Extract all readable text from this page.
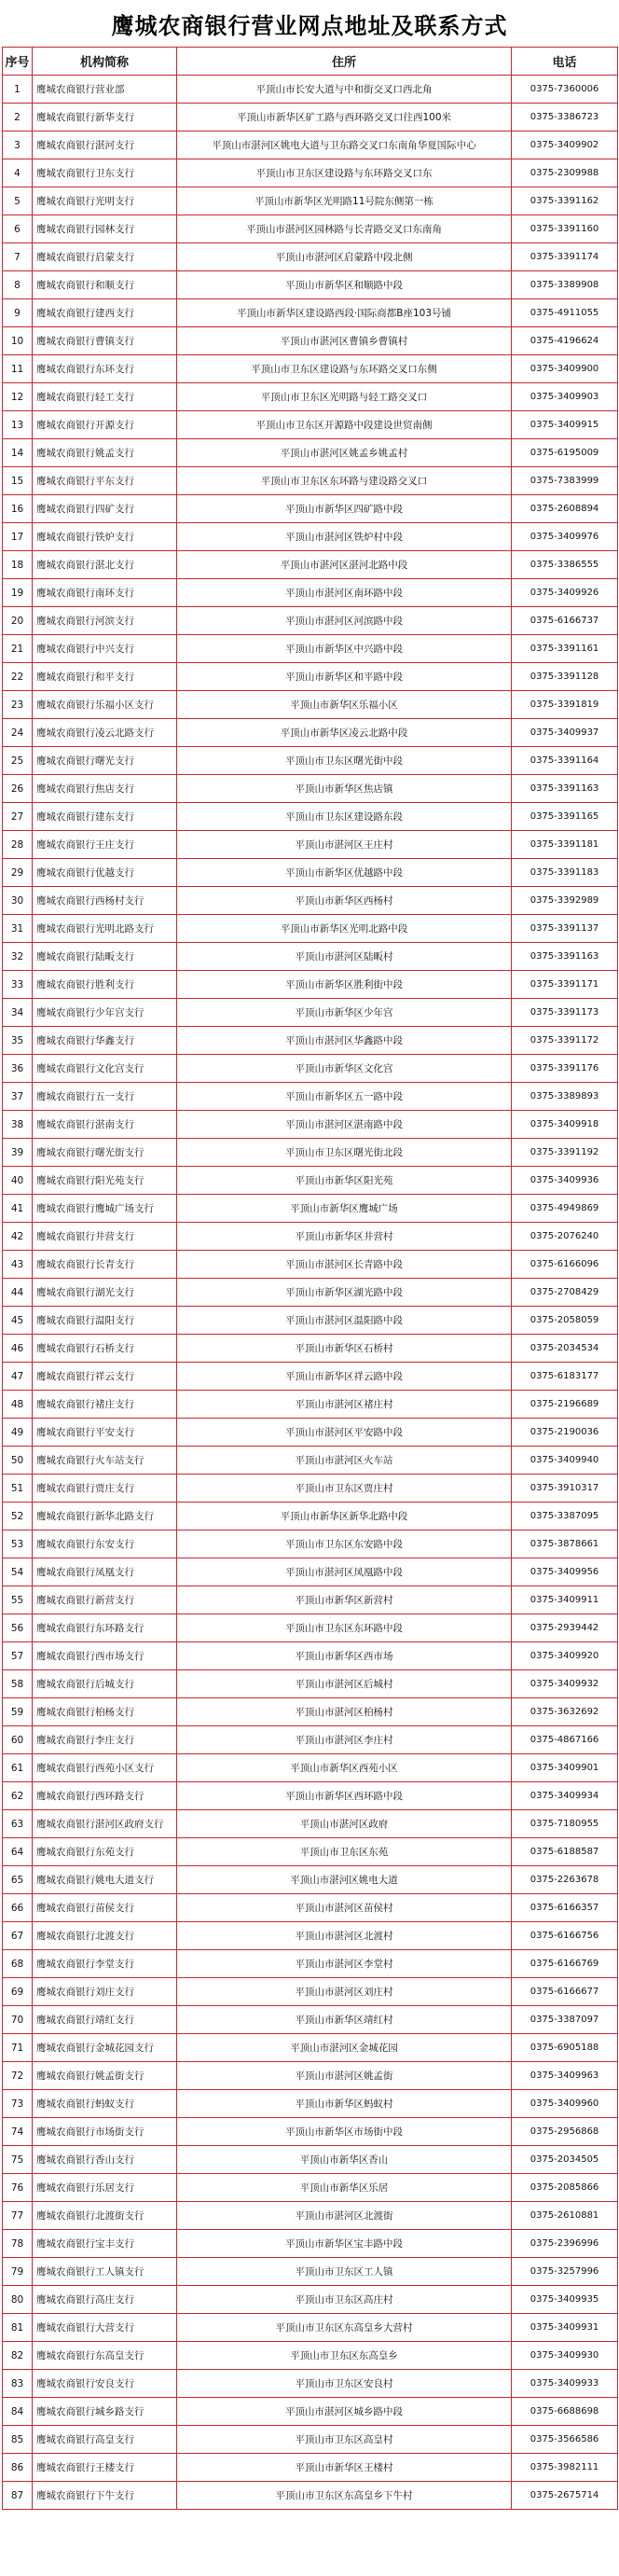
鹰城农商银行营业网点地址及联系方式
序号	机构简称	住所	电话
1	鹰城农商银行营业部	平顶山市长安大道与中和街交叉口西北角	0375-7360006
2	鹰城农商银行新华支行	平顶山市新华区矿工路与西环路交叉口往西100米	0375-3386723
3	鹰城农商银行湛河支行	平顶山市湛河区姚电大道与卫东路交叉口东南角华夏国际中心	0375-3409902
4	鹰城农商银行卫东支行	平顶山市卫东区建设路与东环路交叉口东	0375-2309988
5	鹰城农商银行光明支行	平顶山市新华区光明路11号院东侧第一栋	0375-3391162
6	鹰城农商银行园林支行	平顶山市湛河区园林路与长青路交叉口东南角	0375-3391160
7	鹰城农商银行启蒙支行	平顶山市湛河区启蒙路中段北侧	0375-3391174
8	鹰城农商银行和顺支行	平顶山市新华区和顺路中段	0375-3389908
9	鹰城农商银行建西支行	平顶山市新华区建设路西段·国际商都B座103号铺	0375-4911055
10	鹰城农商银行曹镇支行	平顶山市湛河区曹镇乡曹镇村	0375-4196624
11	鹰城农商银行东环支行	平顶山市卫东区建设路与东环路交叉口东侧	0375-3409900
12	鹰城农商银行轻工支行	平顶山市卫东区光明路与轻工路交叉口	0375-3409903
13	鹰城农商银行开源支行	平顶山市卫东区开源路中段建设世贸南侧	0375-3409915
14	鹰城农商银行姚孟支行	平顶山市湛河区姚孟乡姚孟村	0375-6195009
15	鹰城农商银行平东支行	平顶山市卫东区东环路与建设路交叉口	0375-7383999
16	鹰城农商银行四矿支行	平顶山市新华区四矿路中段	0375-2608894
17	鹰城农商银行铁炉支行	平顶山市湛河区铁炉村中段	0375-3409976
18	鹰城农商银行湛北支行	平顶山市湛河区湛河北路中段	0375-3386555
19	鹰城农商银行南环支行	平顶山市湛河区南环路中段	0375-3409926
20	鹰城农商银行河滨支行	平顶山市湛河区河滨路中段	0375-6166737
21	鹰城农商银行中兴支行	平顶山市新华区中兴路中段	0375-3391161
22	鹰城农商银行和平支行	平顶山市新华区和平路中段	0375-3391128
23	鹰城农商银行乐福小区支行	平顶山市新华区乐福小区	0375-3391819
24	鹰城农商银行凌云北路支行	平顶山市新华区凌云北路中段	0375-3409937
25	鹰城农商银行曙光支行	平顶山市卫东区曙光街中段	0375-3391164
26	鹰城农商银行焦店支行	平顶山市新华区焦店镇	0375-3391163
27	鹰城农商银行建东支行	平顶山市卫东区建设路东段	0375-3391165
28	鹰城农商银行王庄支行	平顶山市湛河区王庄村	0375-3391181
29	鹰城农商银行优越支行	平顶山市新华区优越路中段	0375-3391183
30	鹰城农商银行西杨村支行	平顶山市新华区西杨村	0375-3392989
31	鹰城农商银行光明北路支行	平顶山市新华区光明北路中段	0375-3391137
32	鹰城农商银行陆畈支行	平顶山市湛河区陆畈村	0375-3391163
33	鹰城农商银行胜利支行	平顶山市新华区胜利街中段	0375-3391171
34	鹰城农商银行少年宫支行	平顶山市新华区少年宫	0375-3391173
35	鹰城农商银行华鑫支行	平顶山市湛河区华鑫路中段	0375-3391172
36	鹰城农商银行文化宫支行	平顶山市新华区文化宫	0375-3391176
37	鹰城农商银行五一支行	平顶山市新华区五一路中段	0375-3389893
38	鹰城农商银行湛南支行	平顶山市湛河区湛南路中段	0375-3409918
39	鹰城农商银行曙光街支行	平顶山市卫东区曙光街北段	0375-3391192
40	鹰城农商银行阳光苑支行	平顶山市新华区阳光苑	0375-3409936
41	鹰城农商银行鹰城广场支行	平顶山市新华区鹰城广场	0375-4949869
42	鹰城农商银行井营支行	平顶山市新华区井营村	0375-2076240
43	鹰城农商银行长青支行	平顶山市湛河区长青路中段	0375-6166096
44	鹰城农商银行湖光支行	平顶山市新华区湖光路中段	0375-2708429
45	鹰城农商银行温阳支行	平顶山市湛河区温阳路中段	0375-2058059
46	鹰城农商银行石桥支行	平顶山市新华区石桥村	0375-2034534
47	鹰城农商银行祥云支行	平顶山市新华区祥云路中段	0375-6183177
48	鹰城农商银行褚庄支行	平顶山市湛河区褚庄村	0375-2196689
49	鹰城农商银行平安支行	平顶山市湛河区平安路中段	0375-2190036
50	鹰城农商银行火车站支行	平顶山市湛河区火车站	0375-3409940
51	鹰城农商银行贾庄支行	平顶山市卫东区贾庄村	0375-3910317
52	鹰城农商银行新华北路支行	平顶山市新华区新华北路中段	0375-3387095
53	鹰城农商银行东安支行	平顶山市卫东区东安路中段	0375-3878661
54	鹰城农商银行凤凰支行	平顶山市湛河区凤凰路中段	0375-3409956
55	鹰城农商银行新营支行	平顶山市新华区新营村	0375-3409911
56	鹰城农商银行东环路支行	平顶山市卫东区东环路中段	0375-2939442
57	鹰城农商银行西市场支行	平顶山市新华区西市场	0375-3409920
58	鹰城农商银行后城支行	平顶山市湛河区后城村	0375-3409932
59	鹰城农商银行柏杨支行	平顶山市湛河区柏杨村	0375-3632692
60	鹰城农商银行李庄支行	平顶山市湛河区李庄村	0375-4867166
61	鹰城农商银行西苑小区支行	平顶山市新华区西苑小区	0375-3409901
62	鹰城农商银行西环路支行	平顶山市新华区西环路中段	0375-3409934
63	鹰城农商银行湛河区政府支行	平顶山市湛河区政府	0375-7180955
64	鹰城农商银行东苑支行	平顶山市卫东区东苑	0375-6188587
65	鹰城农商银行姚电大道支行	平顶山市湛河区姚电大道	0375-2263678
66	鹰城农商银行苗侯支行	平顶山市湛河区苗侯村	0375-6166357
67	鹰城农商银行北渡支行	平顶山市湛河区北渡村	0375-6166756
68	鹰城农商银行李堂支行	平顶山市湛河区李堂村	0375-6166769
69	鹰城农商银行刘庄支行	平顶山市湛河区刘庄村	0375-6166677
70	鹰城农商银行靖红支行	平顶山市新华区靖红村	0375-3387097
71	鹰城农商银行金城花园支行	平顶山市湛河区金城花园	0375-6905188
72	鹰城农商银行姚孟街支行	平顶山市湛河区姚孟街	0375-3409963
73	鹰城农商银行蚂蚁支行	平顶山市新华区蚂蚁村	0375-3409960
74	鹰城农商银行市场街支行	平顶山市新华区市场街中段	0375-2956868
75	鹰城农商银行香山支行	平顶山市新华区香山	0375-2034505
76	鹰城农商银行乐居支行	平顶山市新华区乐居	0375-2085866
77	鹰城农商银行北渡街支行	平顶山市湛河区北渡街	0375-2610881
78	鹰城农商银行宝丰支行	平顶山市新华区宝丰路中段	0375-2396996
79	鹰城农商银行工人镇支行	平顶山市卫东区工人镇	0375-3257996
80	鹰城农商银行高庄支行	平顶山市卫东区高庄村	0375-3409935
81	鹰城农商银行大营支行	平顶山市卫东区东高皇乡大营村	0375-3409931
82	鹰城农商银行东高皇支行	平顶山市卫东区东高皇乡	0375-3409930
83	鹰城农商银行安良支行	平顶山市卫东区安良村	0375-3409933
84	鹰城农商银行城乡路支行	平顶山市湛河区城乡路中段	0375-6688698
85	鹰城农商银行高皇支行	平顶山市卫东区高皇村	0375-3566586
86	鹰城农商银行王楼支行	平顶山市新华区王楼村	0375-3982111
87	鹰城农商银行下牛支行	平顶山市卫东区东高皇乡下牛村	0375-2675714
